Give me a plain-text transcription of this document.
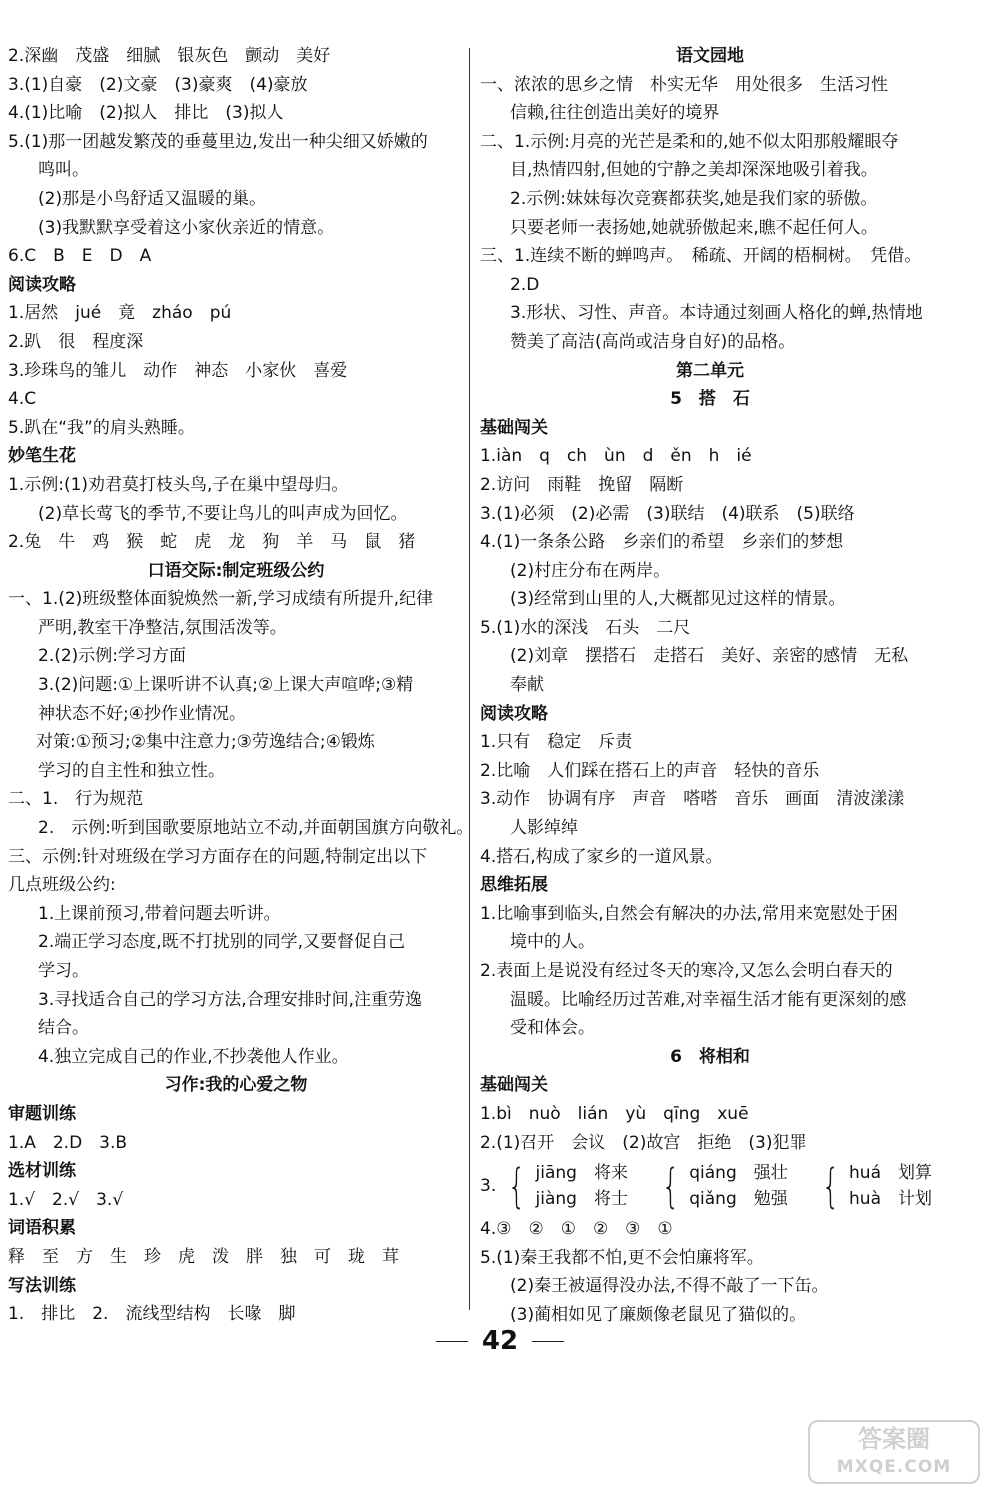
2.深幽　茂盛　细腻　银灰色　颤动　美好
3.(1)自豪　(2)文豪　(3)豪爽　(4)豪放
4.(1)比喻　(2)拟人　排比　(3)拟人
5.(1)那一团越发繁茂的垂蔓里边,发出一种尖细又娇嫩的
鸣叫。
(2)那是小鸟舒适又温暖的巢。
(3)我默默享受着这小家伙亲近的情意。
6.C　B　E　D　A
阅读攻略
1.居然　jué　竟　zháo　pú
2.趴　很　程度深
3.珍珠鸟的雏儿　动作　神态　小家伙　喜爱
4.C
5.趴在“我”的肩头熟睡。
妙笔生花
1.示例:(1)劝君莫打枝头鸟,子在巢中望母归。
(2)草长莺飞的季节,不要让鸟儿的叫声成为回忆。
2.兔　牛　鸡　猴　蛇　虎　龙　狗　羊　马　鼠　猪
口语交际:制定班级公约
一、1.(2)班级整体面貌焕然一新,学习成绩有所提升,纪律
严明,教室干净整洁,氛围活泼等。
2.(2)示例:学习方面
3.(2)问题:①上课听讲不认真;②上课大声喧哗;③精
神状态不好;④抄作业情况。
对策:①预习;②集中注意力;③劳逸结合;④锻炼
学习的自主性和独立性。
二、1.　行为规范
2.　示例:听到国歌要原地站立不动,并面朝国旗方向敬礼。
三、示例:针对班级在学习方面存在的问题,特制定出以下
几点班级公约:
1.上课前预习,带着问题去听讲。
2.端正学习态度,既不打扰别的同学,又要督促自己
学习。
3.寻找适合自己的学习方法,合理安排时间,注重劳逸
结合。
4.独立完成自己的作业,不抄袭他人作业。
习作:我的心爱之物
审题训练
1.A　2.D　3.B
选材训练
1.√　2.√　3.√
词语积累
释　至　方　生　珍　虎　泼　胖　独　可　珑　茸
写法训练
1.　排比　2.　流线型结构　长喙　脚
语文园地
一、浓浓的思乡之情　朴实无华　用处很多　生活习性
信赖,往往创造出美好的境界
二、1.示例:月亮的光芒是柔和的,她不似太阳那般耀眼夺
目,热情四射,但她的宁静之美却深深地吸引着我。
2.示例:妹妹每次竞赛都获奖,她是我们家的骄傲。
只要老师一表扬她,她就骄傲起来,瞧不起任何人。
三、1.连续不断的蝉鸣声。　稀疏、开阔的梧桐树。　凭借。
2.D
3.形状、习性、声音。本诗通过刻画人格化的蝉,热情地
赞美了高洁(高尚或洁身自好)的品格。
第二单元
5　搭　石
基础闯关
1.iàn　q　ch　ùn　d　ěn　h　ié
2.访问　雨鞋　挽留　隔断
3.(1)必须　(2)必需　(3)联结　(4)联系　(5)联络
4.(1)一条条公路　乡亲们的希望　乡亲们的梦想
(2)村庄分布在两岸。
(3)经常到山里的人,大概都见过这样的情景。
5.(1)水的深浅　石头　二尺
(2)刘章　摆搭石　走搭石　美好、亲密的感情　无私
奉献
阅读攻略
1.只有　稳定　斥责
2.比喻　人们踩在搭石上的声音　轻快的音乐
3.动作　协调有序　声音　嗒嗒　音乐　画面　清波漾漾
人影绰绰
4.搭石,构成了家乡的一道风景。
思维拓展
1.比喻事到临头,自然会有解决的办法,常用来宽慰处于困
境中的人。
2.表面上是说没有经过冬天的寒冷,又怎么会明白春天的
温暖。比喻经历过苦难,对幸福生活才能有更深刻的感
受和体会。
6　将相和
基础闯关
1.bì　nuò　lián　yù　qīng　xuē
2.(1)召开　会议　(2)故宫　拒绝　(3)犯罪
3. { jiāng　将来
jiàng　将士 { qiáng　强壮
qiǎng　勉强 { huá　划算
huà　计划
4.③　②　①　②　③　①
5.(1)秦王我都不怕,更不会怕廉将军。
(2)秦王被逼得没办法,不得不敲了一下缶。
(3)蔺相如见了廉颇像老鼠见了猫似的。
42
答案圈
MXQE.COM
